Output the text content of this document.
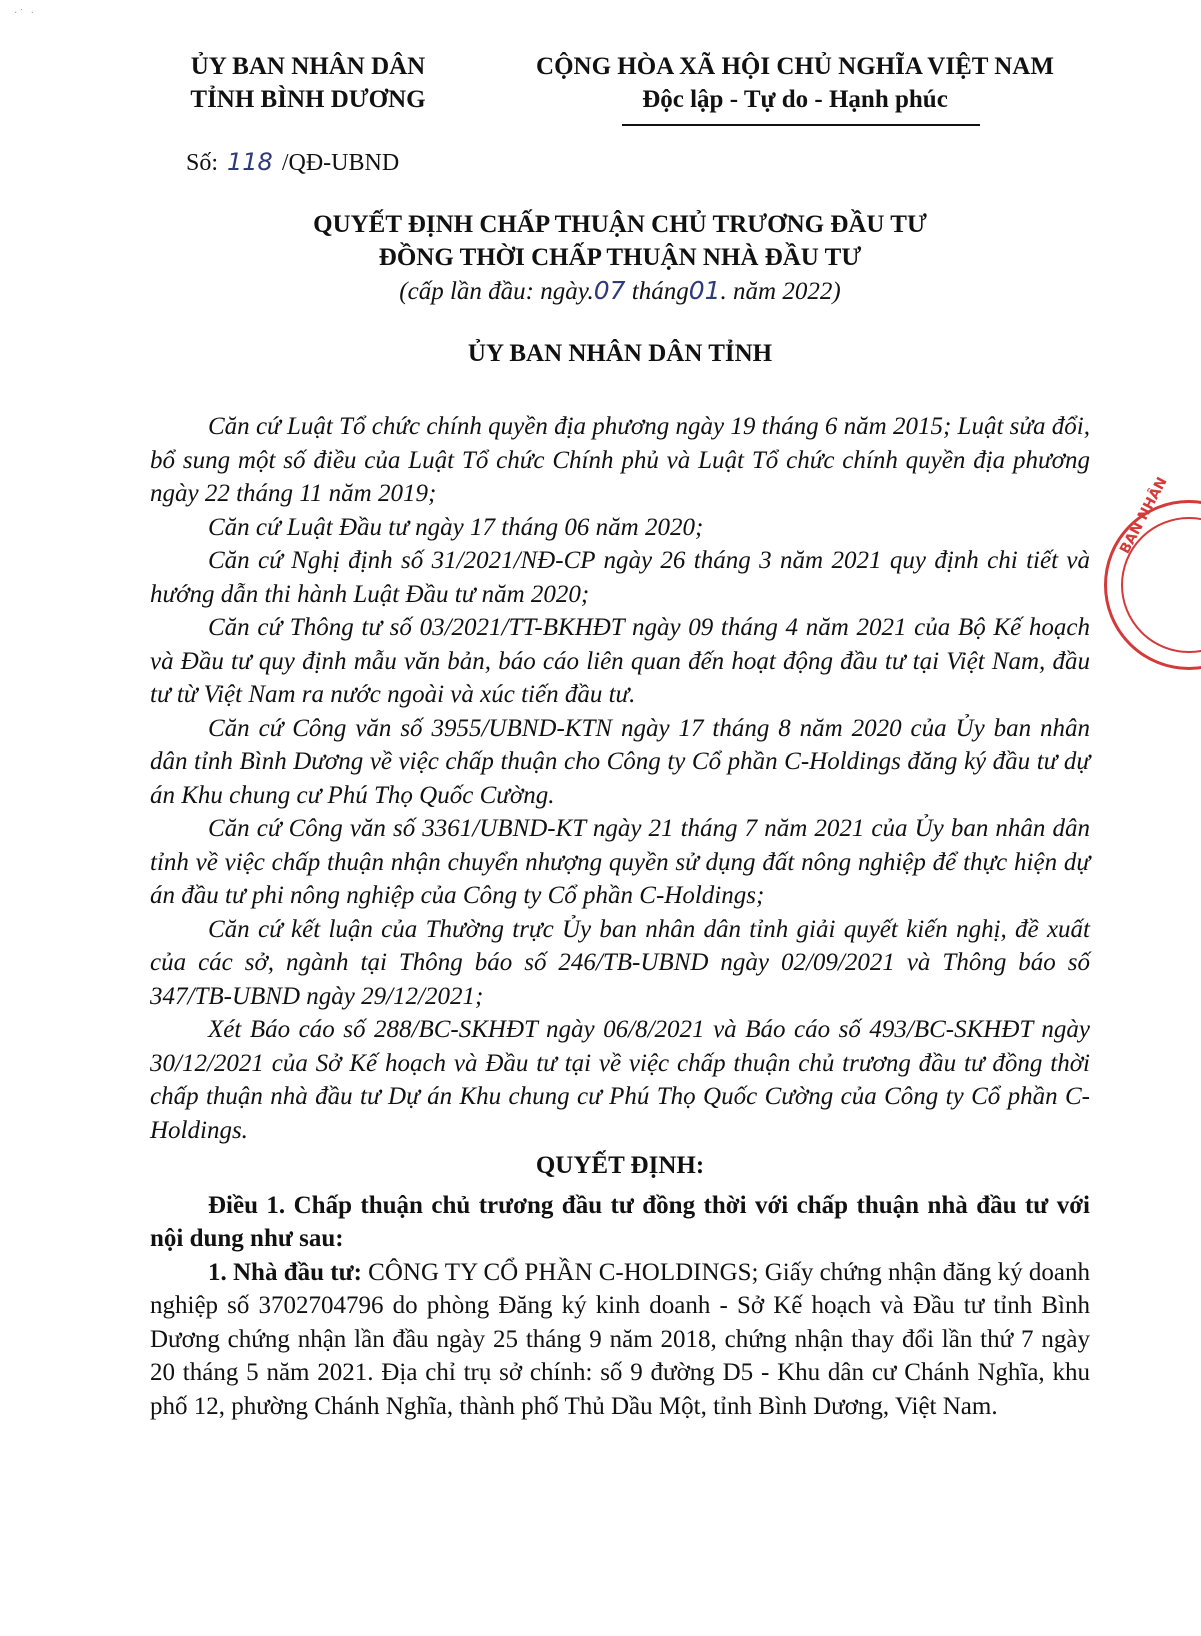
· ˙   ·
ỦY BAN NHÂN DÂN
TỈNH BÌNH DƯƠNG
CỘNG HÒA XÃ HỘI CHỦ NGHĨA VIỆT NAM
Độc lập - Tự do - Hạnh phúc
Số: 118 /QĐ-UBND
QUYẾT ĐỊNH CHẤP THUẬN CHỦ TRƯƠNG ĐẦU TƯ
ĐỒNG THỜI CHẤP THUẬN NHÀ ĐẦU TƯ
(cấp lần đầu: ngày.07 tháng01. năm 2022)
ỦY BAN NHÂN DÂN TỈNH

Căn cứ Luật Tổ chức chính quyền địa phương ngày 19 tháng 6 năm 2015; Luật sửa đổi, bổ sung một số điều của Luật Tổ chức Chính phủ và Luật Tổ chức chính quyền địa phương ngày 22 tháng 11 năm 2019;

Căn cứ Luật Đầu tư ngày 17 tháng 06 năm 2020;

Căn cứ Nghị định số 31/2021/NĐ-CP ngày 26 tháng 3 năm 2021 quy định chi tiết và hướng dẫn thi hành Luật Đầu tư năm 2020;

Căn cứ Thông tư số 03/2021/TT-BKHĐT ngày 09 tháng 4 năm 2021 của Bộ Kế hoạch và Đầu tư quy định mẫu văn bản, báo cáo liên quan đến hoạt động đầu tư tại Việt Nam, đầu tư từ Việt Nam ra nước ngoài và xúc tiến đầu tư.

Căn cứ Công văn số 3955/UBND-KTN ngày 17 tháng 8 năm 2020 của Ủy ban nhân dân tỉnh Bình Dương về việc chấp thuận cho Công ty Cổ phần C-Holdings đăng ký đầu tư dự án Khu chung cư Phú Thọ Quốc Cường.

Căn cứ Công văn số 3361/UBND-KT ngày 21 tháng 7 năm 2021 của Ủy ban nhân dân tỉnh về việc chấp thuận nhận chuyển nhượng quyền sử dụng đất nông nghiệp để thực hiện dự án đầu tư phi nông nghiệp của Công ty Cổ phần C-Holdings;

Căn cứ kết luận của Thường trực Ủy ban nhân dân tỉnh giải quyết kiến nghị, đề xuất của các sở, ngành tại Thông báo số 246/TB-UBND ngày 02/09/2021 và Thông báo số 347/TB-UBND ngày 29/12/2021;

Xét Báo cáo số 288/BC-SKHĐT ngày 06/8/2021 và Báo cáo số 493/BC-SKHĐT ngày 30/12/2021 của Sở Kế hoạch và Đầu tư tại về việc chấp thuận chủ trương đầu tư đồng thời chấp thuận nhà đầu tư Dự án Khu chung cư Phú Thọ Quốc Cường của Công ty Cổ phần C-Holdings.

QUYẾT ĐỊNH:

Điều 1. Chấp thuận chủ trương đầu tư đồng thời với chấp thuận nhà đầu tư với nội dung như sau:

1. Nhà đầu tư: CÔNG TY CỔ PHẦN C-HOLDINGS; Giấy chứng nhận đăng ký doanh nghiệp số 3702704796 do phòng Đăng ký kinh doanh - Sở Kế hoạch và Đầu tư tỉnh Bình Dương chứng nhận lần đầu ngày 25 tháng 9 năm 2018, chứng nhận thay đổi lần thứ 7 ngày 20 tháng 5 năm 2021. Địa chỉ trụ sở chính: số 9 đường D5 - Khu dân cư Chánh Nghĩa, khu phố 12, phường Chánh Nghĩa, thành phố Thủ Dầu Một, tỉnh Bình Dương, Việt Nam.

BAN NHÂN
